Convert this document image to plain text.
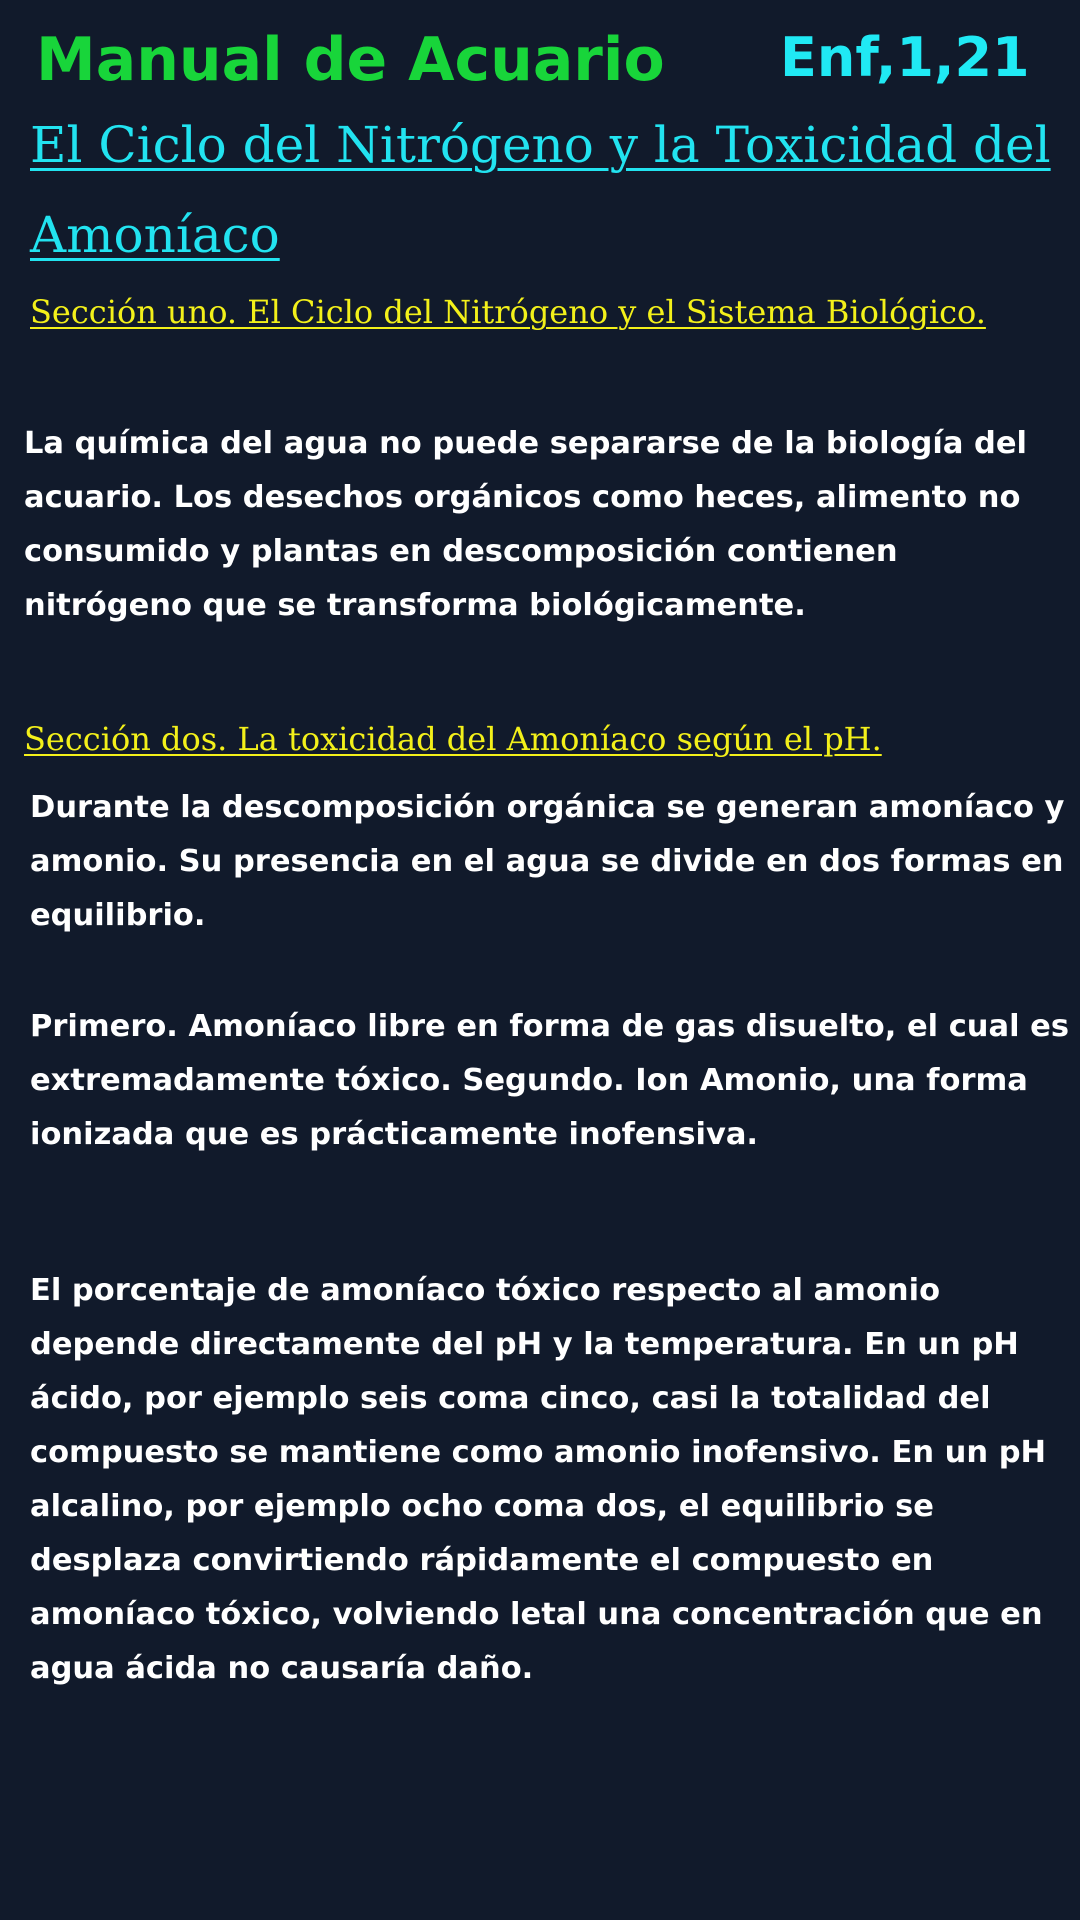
Manual de Acuario Enf,1,21
El Ciclo del Nitrógeno y la Toxicidad del Amoníaco
Sección uno. El Ciclo del Nitrógeno y el Sistema Biológico.
La química del agua no puede separarse de la biología del acuario. Los desechos orgánicos como heces, alimento no consumido y plantas en descomposición contienen nitrógeno que se transforma biológicamente.
Sección dos. La toxicidad del Amoníaco según el pH.
Durante la descomposición orgánica se generan amoníaco y amonio. Su presencia en el agua se divide en dos formas en equilibrio.
Primero. Amoníaco libre en forma de gas disuelto, el cual es extremadamente tóxico. Segundo. Ion Amonio, una forma ionizada que es prácticamente inofensiva.
El porcentaje de amoníaco tóxico respecto al amonio depende directamente del pH y la temperatura. En un pH ácido, por ejemplo seis coma cinco, casi la totalidad del compuesto se mantiene como amonio inofensivo. En un pH alcalino, por ejemplo ocho coma dos, el equilibrio se desplaza convirtiendo rápidamente el compuesto en amoníaco tóxico, volviendo letal una concentración que en agua ácida no causaría daño.
